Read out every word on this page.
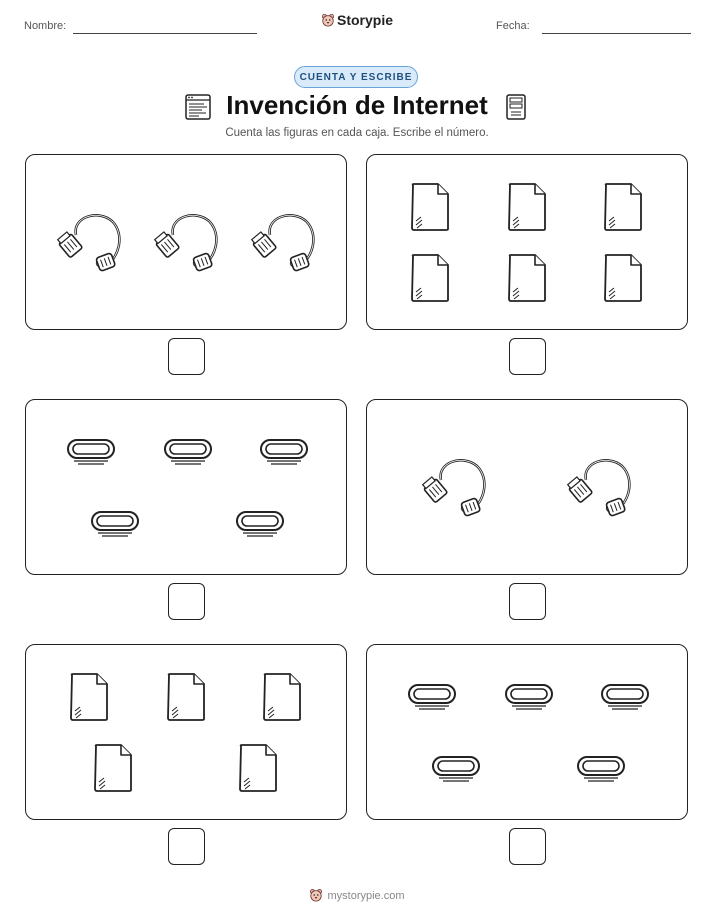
Nombre:	Storypie	Fecha:
CUENTA Y ESCRIBE
Invención de Internet
Cuenta las figuras en cada caja. Escribe el número.
mystorypie.com
